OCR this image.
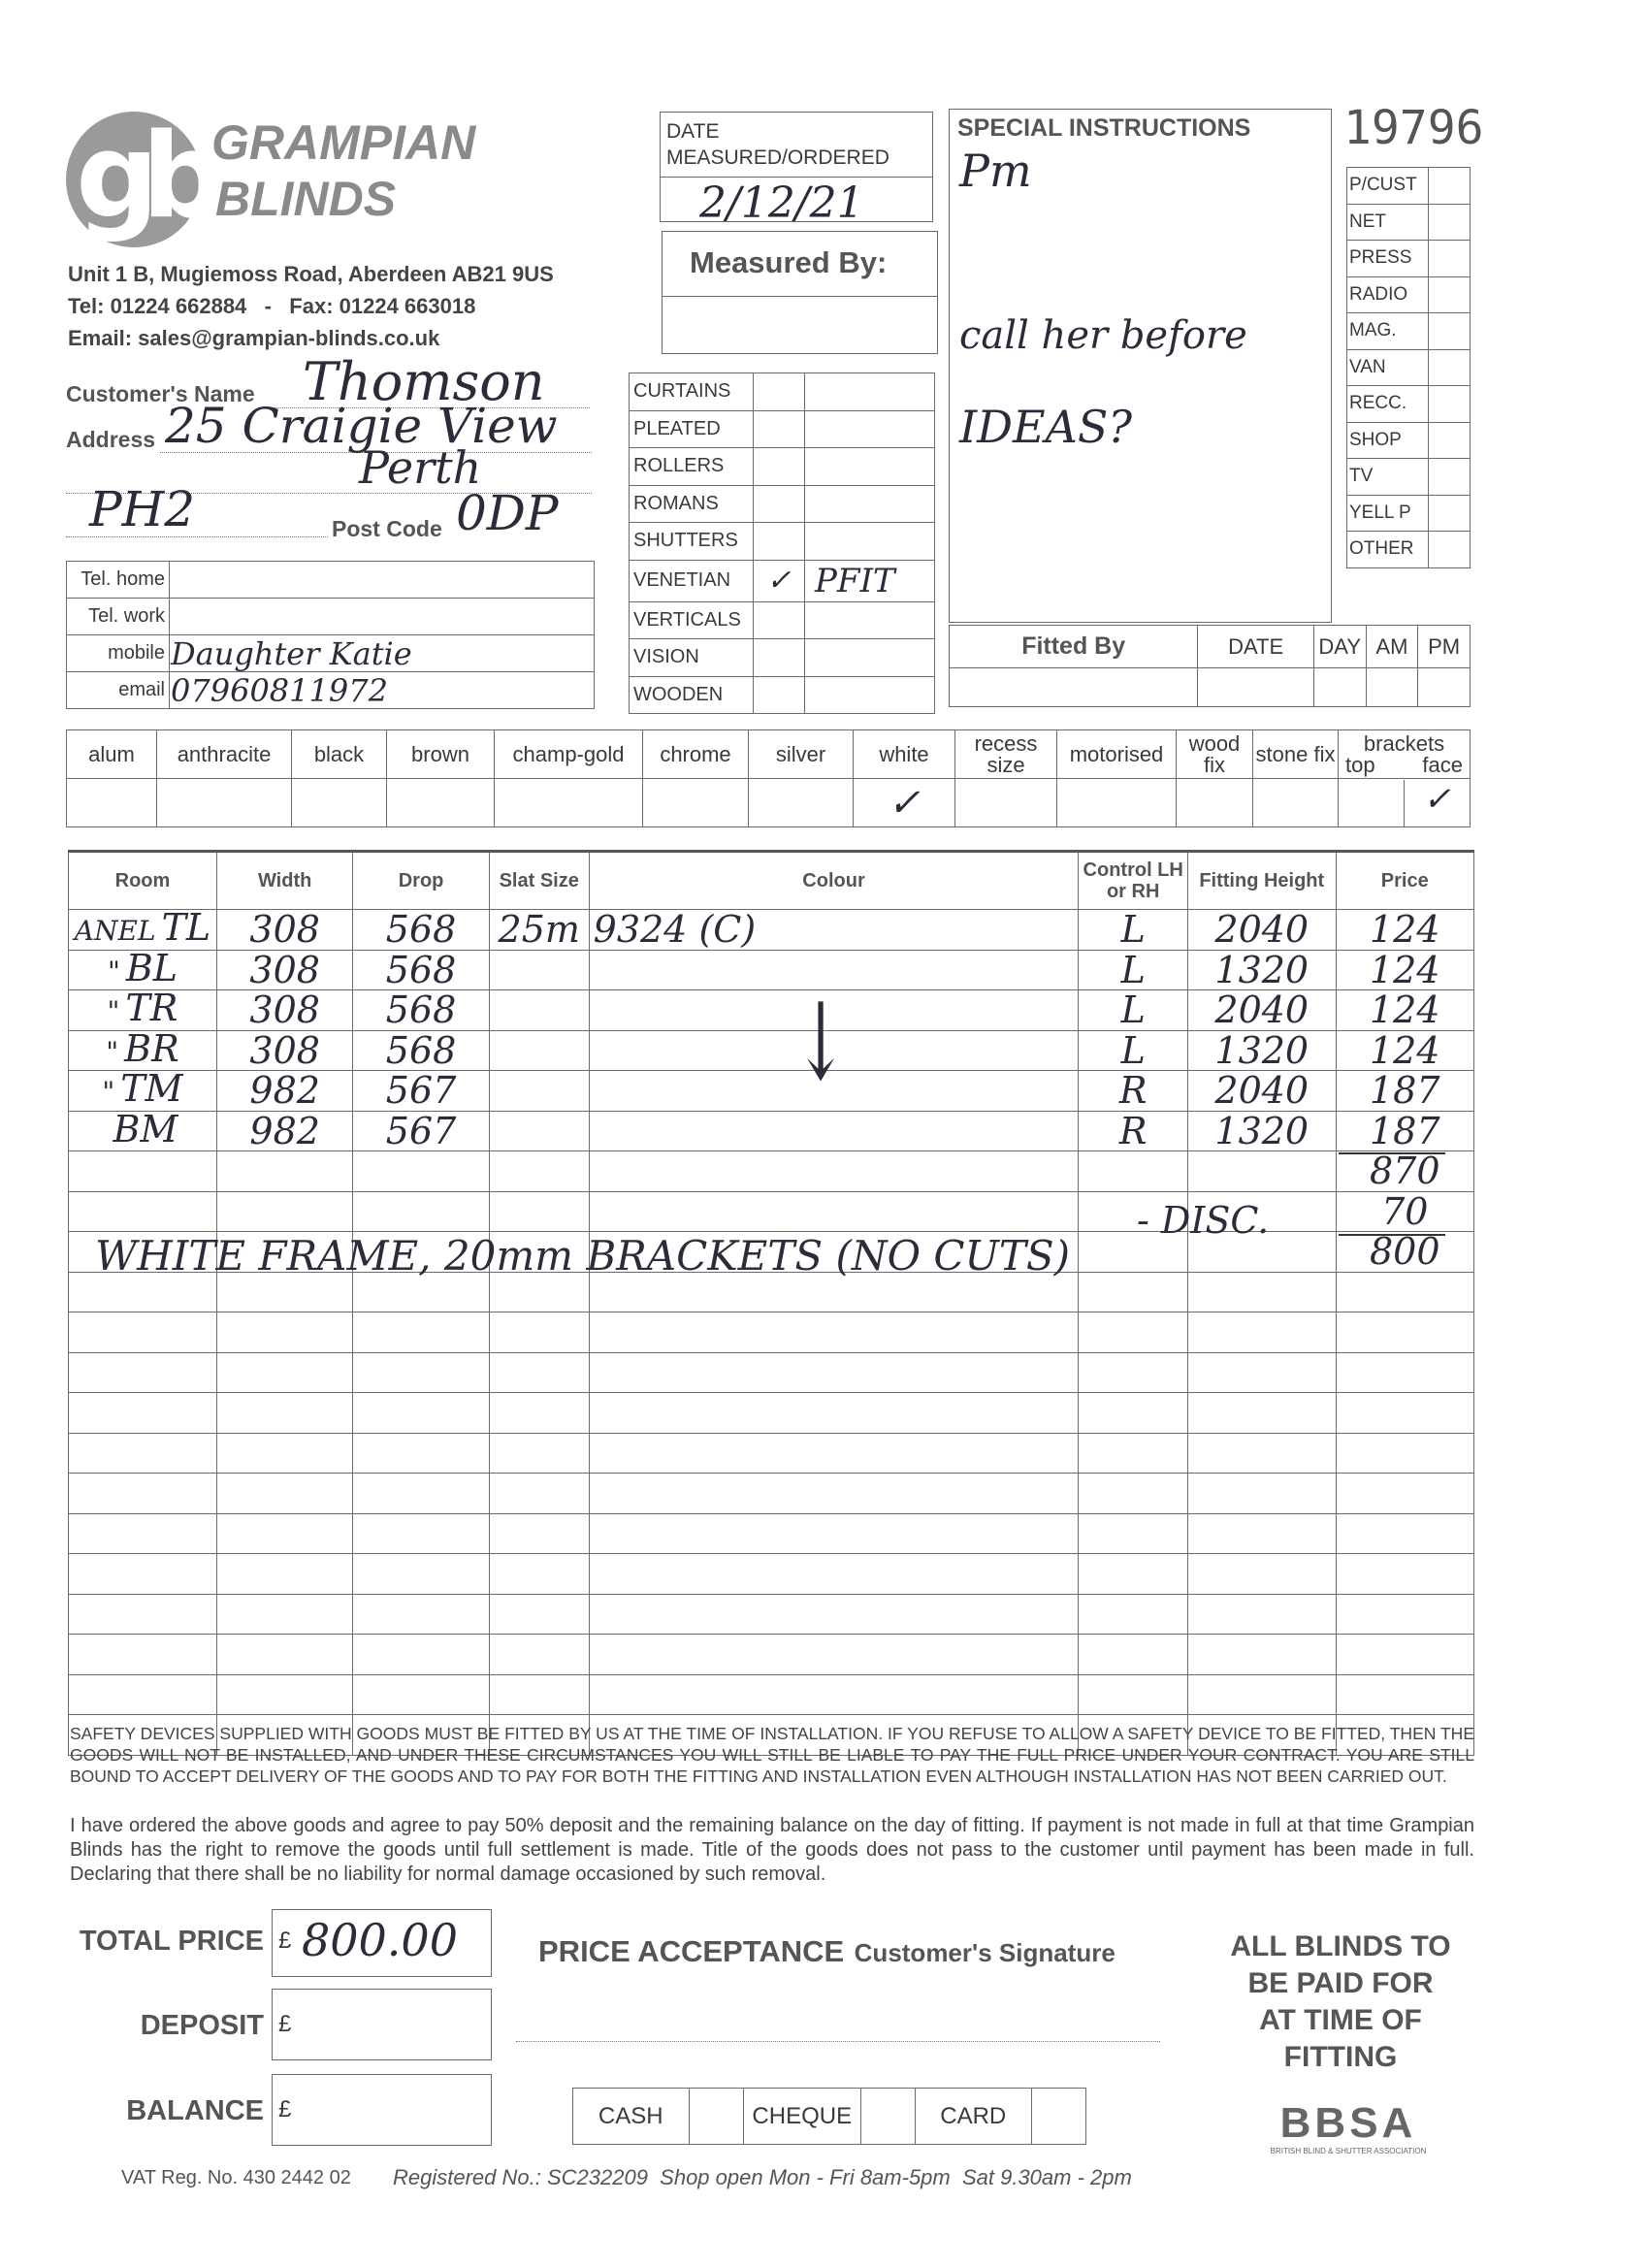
gb GRAMPIAN
BLINDS
Unit 1 B, Mugiemoss Road, Aberdeen AB21 9US
Tel: 01224 662884   -   Fax: 01224 663018
Email: sales@grampian-blinds.co.uk
DATE MEASURED/ORDERED
2/12/21
Measured By:
SPECIAL INSTRUCTIONS
Pm
call her before
IDEAS?
19796
P/CUST	
NET	
PRESS	
RADIO	
MAG.	
VAN	
RECC.	
SHOP	
TV	
YELL P	
OTHER	
Customer's Name Thomson
Address 25 Craigie View
Perth
PH2	Post Code 0DP
Tel. home	
Tel. work	
mobile	Daughter Katie
email	07960811972
CURTAINS		
PLEATED		
ROLLERS		
ROMANS		
SHUTTERS		
VENETIAN	✓	PFIT
VERTICALS		
VISION		
WOODEN		
Fitted By	DATE	DAY	AM	PM

alum	anthracite	black	brown	champ-gold	chrome	silver	white	recess size	motorised	wood fix	stone fix	brackets
top face

							✓					✓
Room	Width	Drop	Slat Size	Colour	Control LH or RH	Fitting Height	Price
ANEL TL	308	568	25m	9324 (C)	L	2040	124
" BL	308	568			L	1320	124
" TR	308	568			L	2040	124
" BR	308	568			L	1320	124
" TM	982	567			R	2040	187
BM	982	567			R	1320	187
							870
							70
							800

↓
- DISC.
WHITE FRAME, 20mm BRACKETS (NO CUTS)
SAFETY DEVICES SUPPLIED WITH GOODS MUST BE FITTED BY US AT THE TIME OF INSTALLATION. IF YOU REFUSE TO ALLOW A SAFETY DEVICE TO BE FITTED, THEN THE GOODS WILL NOT BE INSTALLED, AND UNDER THESE CIRCUMSTANCES YOU WILL STILL BE LIABLE TO PAY THE FULL PRICE UNDER YOUR CONTRACT. YOU ARE STILL BOUND TO ACCEPT DELIVERY OF THE GOODS AND TO PAY FOR BOTH THE FITTING AND INSTALLATION EVEN ALTHOUGH INSTALLATION HAS NOT BEEN CARRIED OUT.
I have ordered the above goods and agree to pay 50% deposit and the remaining balance on the day of fitting. If payment is not made in full at that time Grampian Blinds has the right to remove the goods until full settlement is made. Title of the goods does not pass to the customer until payment has been made in full. Declaring that there shall be no liability for normal damage occasioned by such removal.
TOTAL PRICE £ 800.00
DEPOSIT £
BALANCE £
PRICE ACCEPTANCE Customer's Signature
CASH		CHEQUE		CARD	
ALL BLINDS TO
BE PAID FOR
AT TIME OF
FITTING
BBSA
BRITISH BLIND & SHUTTER ASSOCIATION
VAT Reg. No. 430 2442 02 Registered No.: SC232209  Shop open Mon - Fri 8am-5pm  Sat 9.30am - 2pm
